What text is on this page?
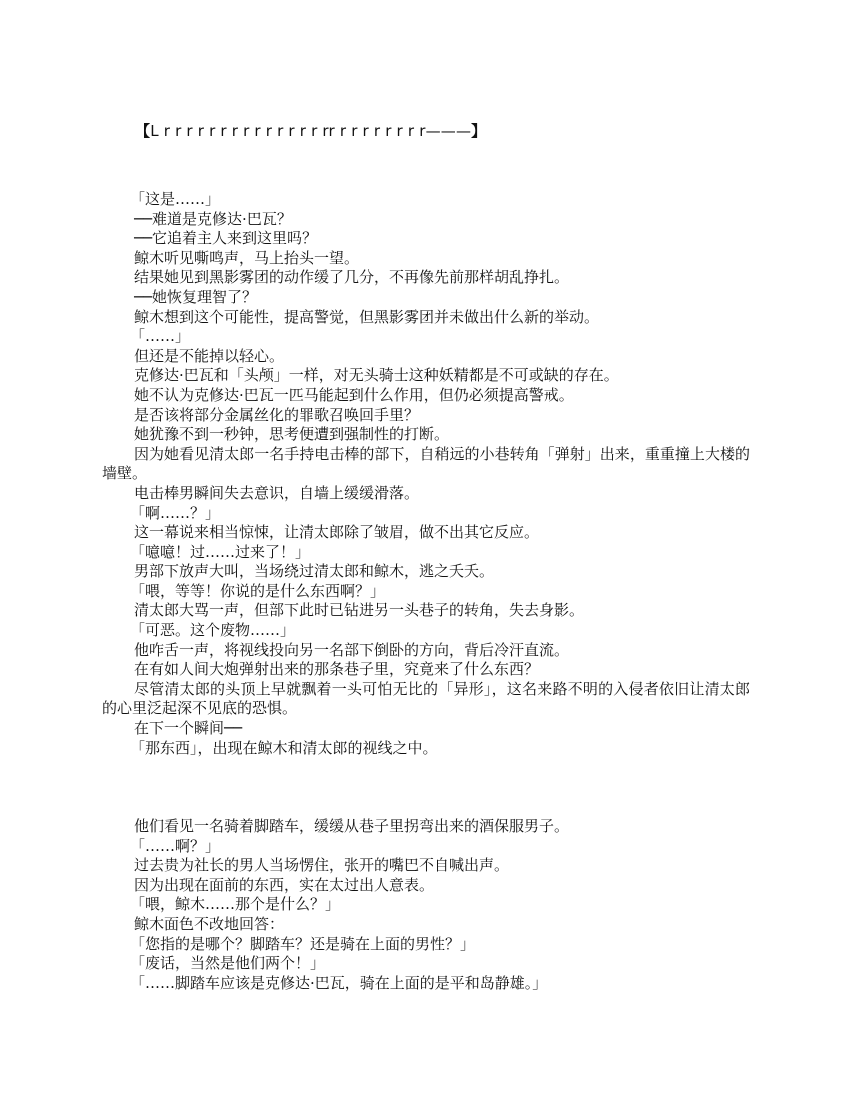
【L r r r r r r r r r r r r r r rr r r r r r r r r———】

「这是……」

──难道是克修达·巴瓦？

──它追着主人来到这里吗？

鲸木听见嘶鸣声，马上抬头一望。

结果她见到黑影雾团的动作缓了几分，不再像先前那样胡乱挣扎。

──她恢复理智了？

鲸木想到这个可能性，提高警觉，但黑影雾团并未做出什么新的举动。

「……」

但还是不能掉以轻心。

克修达·巴瓦和「头颅」一样，对无头骑士这种妖精都是不可或缺的存在。

她不认为克修达·巴瓦一匹马能起到什么作用，但仍必须提高警戒。

是否该将部分金属丝化的罪歌召唤回手里？

她犹豫不到一秒钟，思考便遭到强制性的打断。

因为她看见清太郎一名手持电击棒的部下，自稍远的小巷转角「弹射」出来，重重撞上大楼的墙壁。

电击棒男瞬间失去意识，自墙上缓缓滑落。

「啊……？」

这一幕说来相当惊悚，让清太郎除了皱眉，做不出其它反应。

「噫噫！过……过来了！」

男部下放声大叫，当场绕过清太郎和鲸木，逃之夭夭。

「喂，等等！你说的是什么东西啊？」

清太郎大骂一声，但部下此时已钻进另一头巷子的转角，失去身影。

「可恶。这个废物……」

他咋舌一声，将视线投向另一名部下倒卧的方向，背后冷汗直流。

在有如人间大炮弹射出来的那条巷子里，究竟来了什么东西？

尽管清太郎的头顶上早就飘着一头可怕无比的「异形」，这名来路不明的入侵者依旧让清太郎的心里泛起深不见底的恐惧。

在下一个瞬间──

「那东西」，出现在鲸木和清太郎的视线之中。

他们看见一名骑着脚踏车，缓缓从巷子里拐弯出来的酒保服男子。

「……啊？」

过去贵为社长的男人当场愣住，张开的嘴巴不自喊出声。

因为出现在面前的东西，实在太过出人意表。

「喂，鲸木……那个是什么？」

鲸木面色不改地回答：

「您指的是哪个？脚踏车？还是骑在上面的男性？」

「废话，当然是他们两个！」

「……脚踏车应该是克修达·巴瓦，骑在上面的是平和岛静雄。」
